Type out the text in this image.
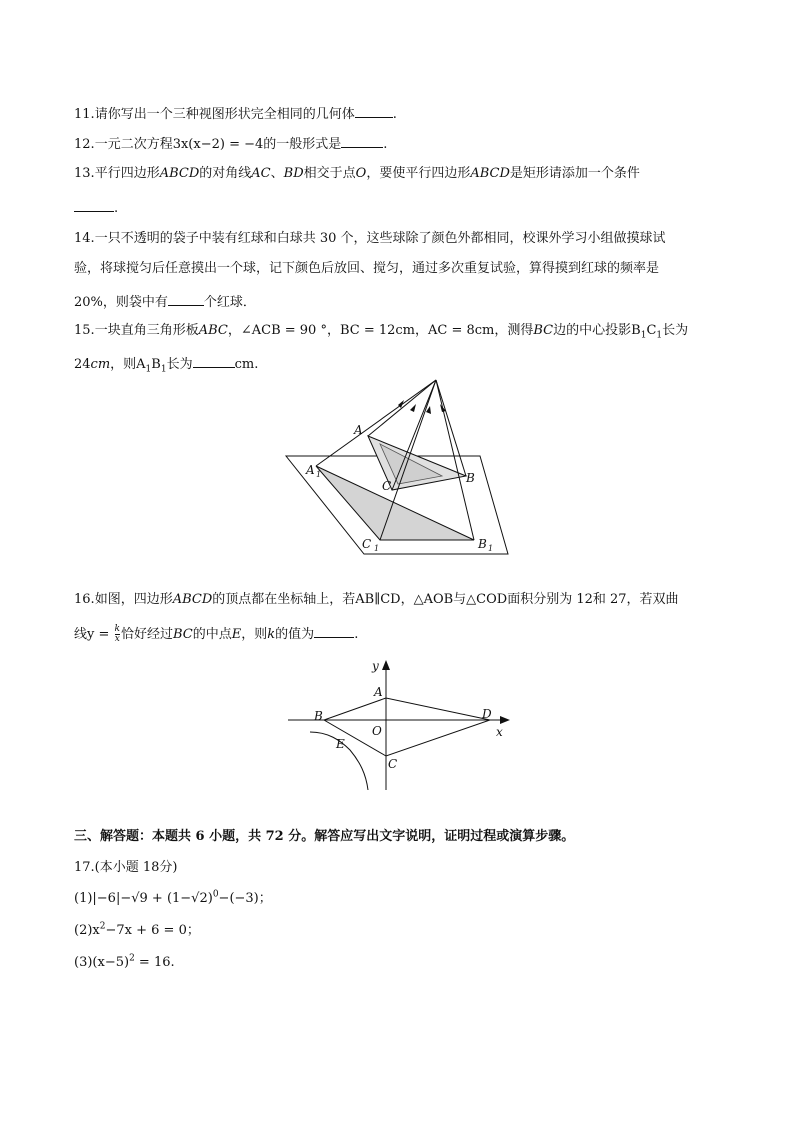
11.请你写出一个三种视图形状完全相同的几何体	.
12.一元二次方程3x(x−2) = −4的一般形式是	.
13.平行四边形ABCD的对角线AC、BD相交于点O，要使平行四边形ABCD是矩形请添加一个条件
.
14.一只不透明的袋子中装有红球和白球共 30 个，这些球除了颜色外都相同，校课外学习小组做摸球试
验，将球搅匀后任意摸出一个球，记下颜色后放回、搅匀，通过多次重复试验，算得摸到红球的频率是
20%，则袋中有	个红球．
15.一块直角三角形板ABC，∠ACB = 90 °，BC = 12cm，AC = 8cm，测得BC边的中心投影$B_1C_1$长为
24cm，则$A_1B_1$长为	cm.
A
A 1	B
B 1
C
C 1
16.如图，四边形ABCD的顶点都在坐标轴上，若AB∥CD，△AOB与△COD面积分别为 12和 27，若双曲
线$y = \frac{k}{x}$ 恰好经过BC的中点E，则k的值为	.
y
x
A
B
C
D
E
O
三、解答题：本题共 6 小题，共 72 分。解答应写出文字说明，证明过程或演算步骤。
17.(本小题 18分)
$(1)|-6|-√9 + (1-√2)^0-(-3)$；
$(2)x^2-7x + 6 = 0$；
$(3)(x-5)^2 = 16$.
